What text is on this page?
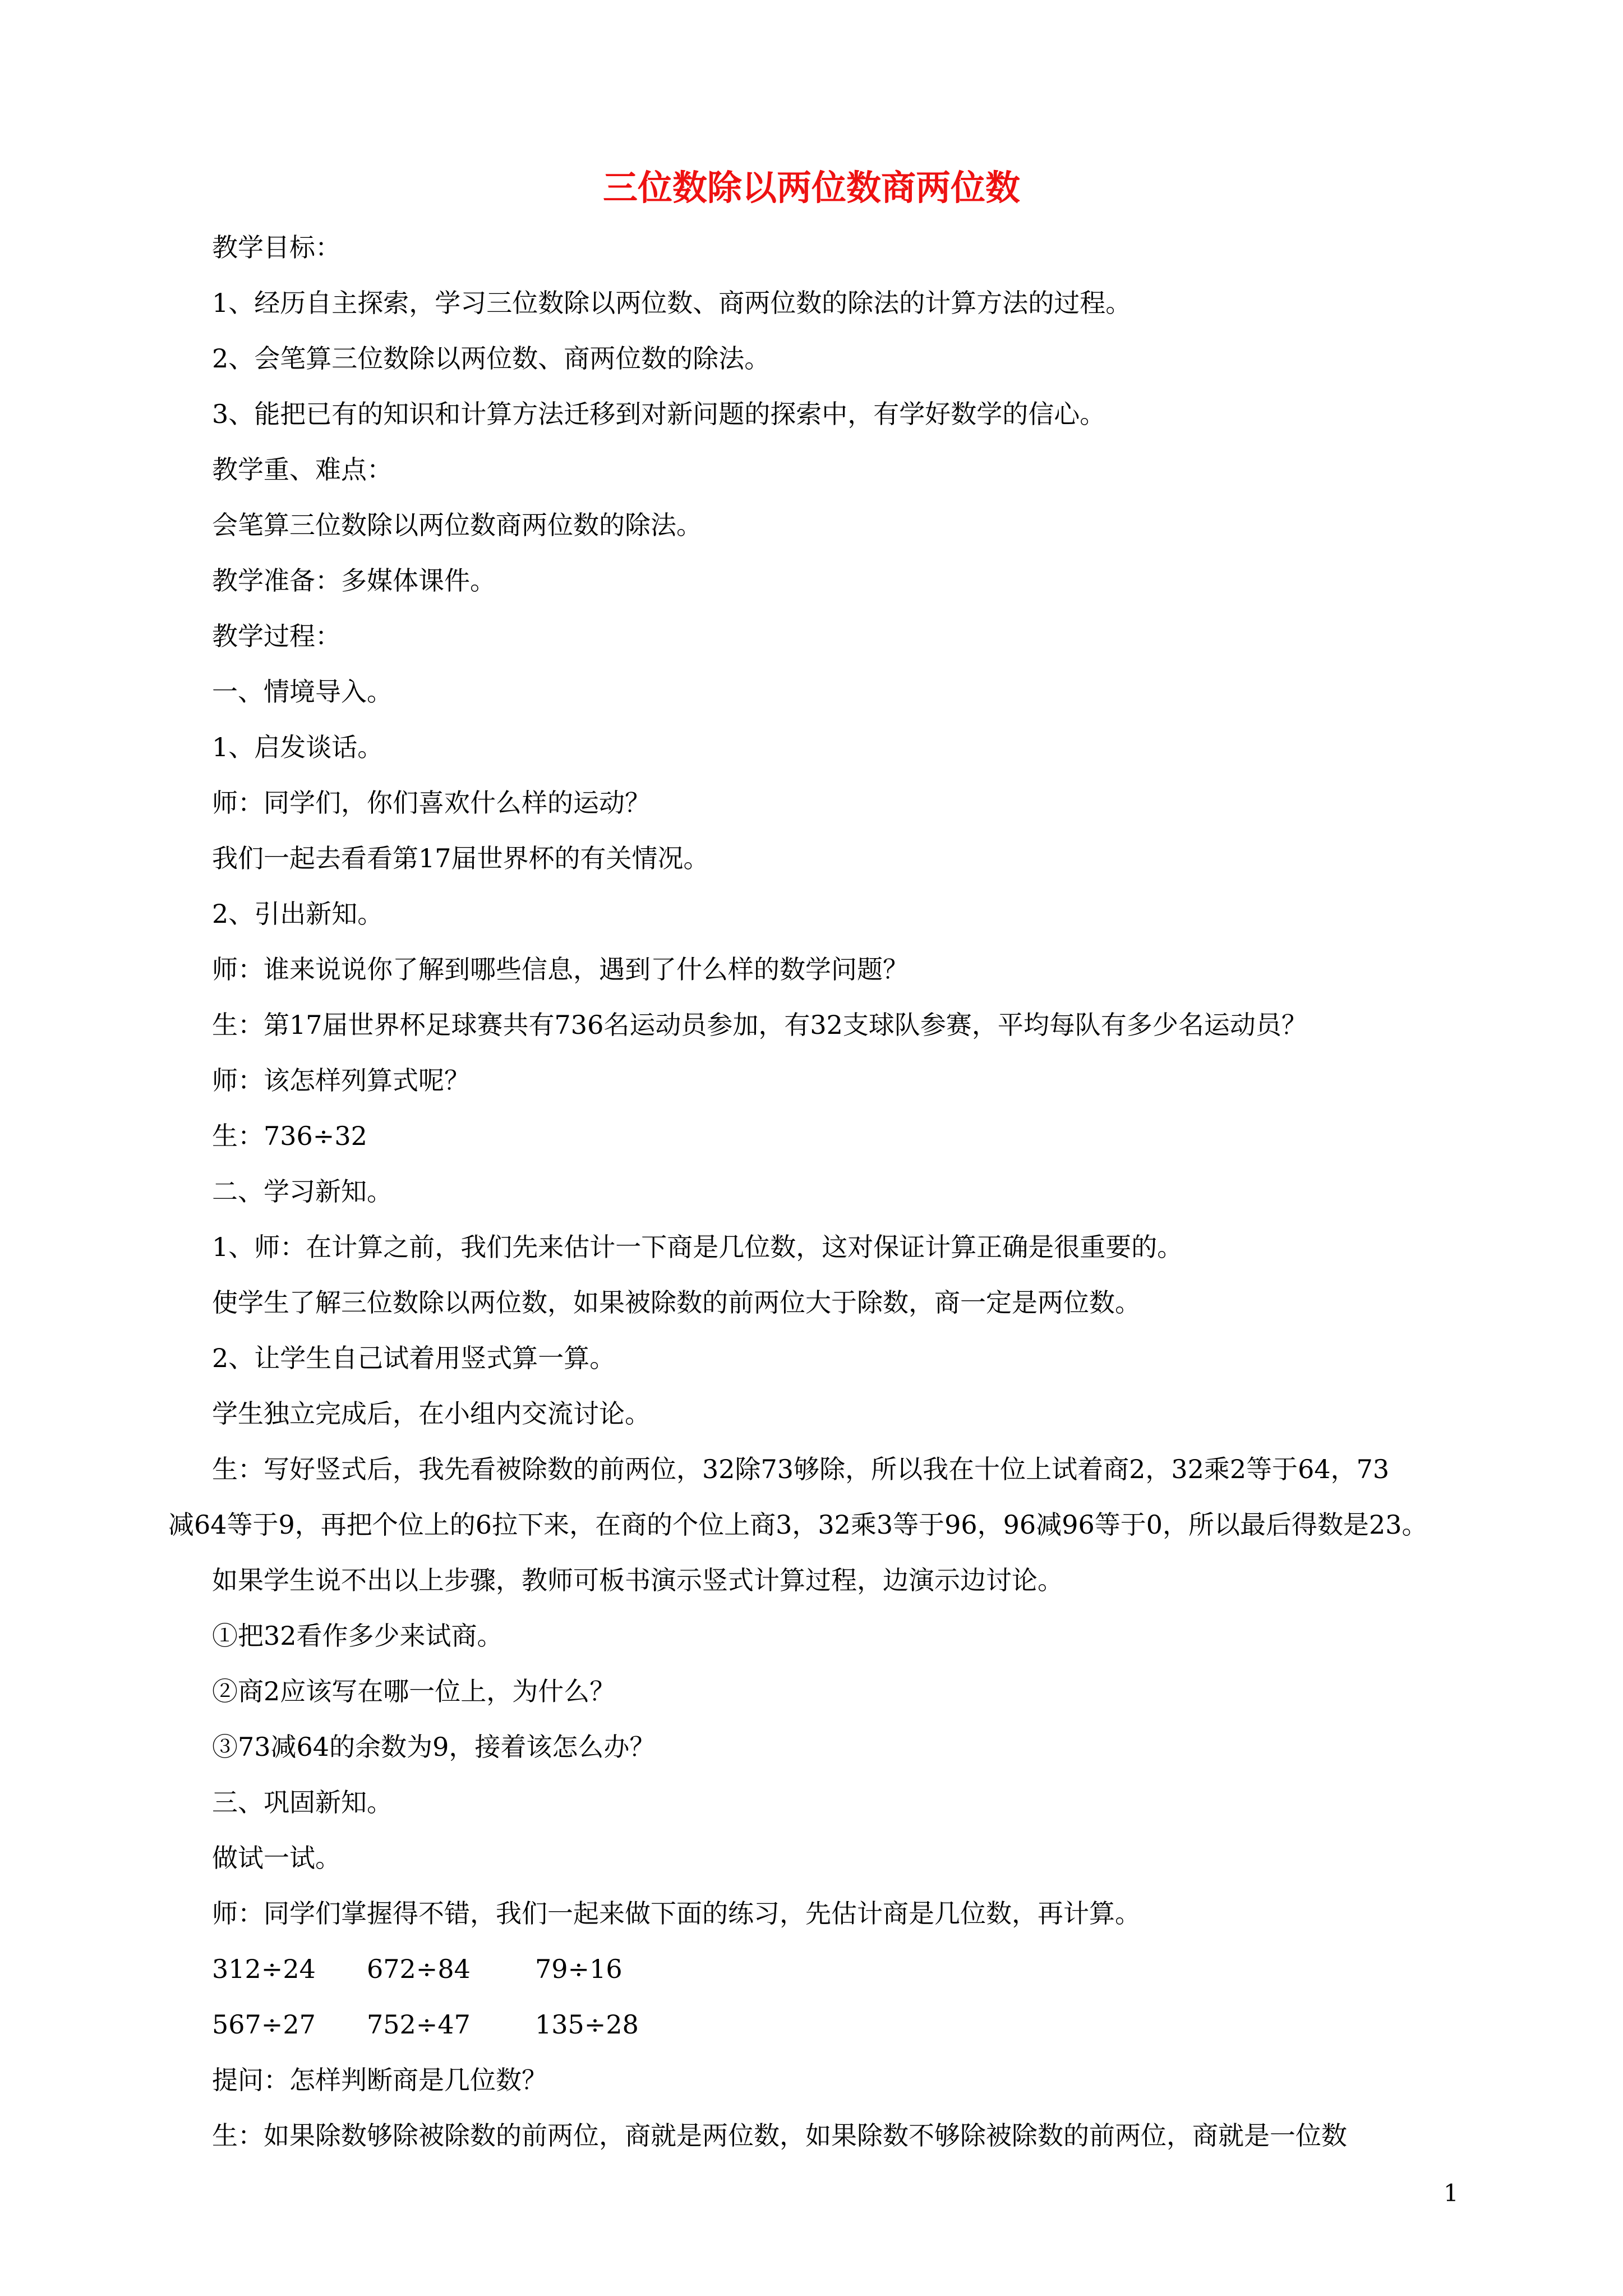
三位数除以两位数商两位数
教学目标：
1、经历自主探索，学习三位数除以两位数、商两位数的除法的计算方法的过程。
2、会笔算三位数除以两位数、商两位数的除法。
3、能把已有的知识和计算方法迁移到对新问题的探索中，有学好数学的信心。
教学重、难点：
会笔算三位数除以两位数商两位数的除法。
教学准备：多媒体课件。
教学过程：
一、情境导入。
1、启发谈话。
师：同学们，你们喜欢什么样的运动？
我们一起去看看第17届世界杯的有关情况。
2、引出新知。
师：谁来说说你了解到哪些信息，遇到了什么样的数学问题？
生：第17届世界杯足球赛共有736名运动员参加，有32支球队参赛，平均每队有多少名运动员？
师：该怎样列算式呢？
生：736÷32
二、学习新知。
1、师：在计算之前，我们先来估计一下商是几位数，这对保证计算正确是很重要的。
使学生了解三位数除以两位数，如果被除数的前两位大于除数，商一定是两位数。
2、让学生自己试着用竖式算一算。
学生独立完成后，在小组内交流讨论。
生：写好竖式后，我先看被除数的前两位，32除73够除，所以我在十位上试着商2，32乘2等于64，73
减64等于9，再把个位上的6拉下来，在商的个位上商3，32乘3等于96，96减96等于0，所以最后得数是23。
如果学生说不出以上步骤，教师可板书演示竖式计算过程，边演示边讨论。
①把32看作多少来试商。
②商2应该写在哪一位上，为什么？
③73减64的余数为9，接着该怎么办？
三、巩固新知。
做试一试。
师：同学们掌握得不错，我们一起来做下面的练习，先估计商是几位数，再计算。
312÷24	672÷84	79÷16
567÷27	752÷47	135÷28
提问：怎样判断商是几位数？
生：如果除数够除被除数的前两位，商就是两位数，如果除数不够除被除数的前两位，商就是一位数
1
